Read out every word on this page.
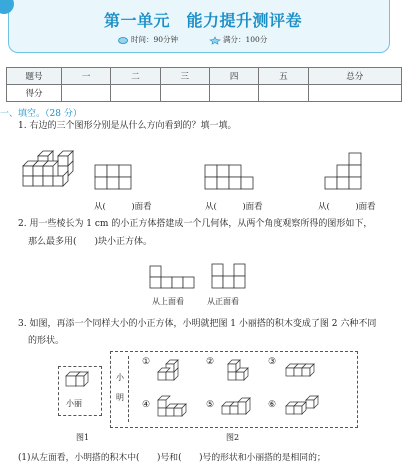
第一单元　能力提升测评卷
时间：90分钟	满分：100分
题号	一	二	三	四	五	总分
得分						
一、填空。（28 分）
1. 右边的三个图形分别是从什么方向看到的？填一填。
从(　　　)面看	从(　　　)面看	从(　　　)面看
2. 用一些棱长为 1 cm 的小正方体搭建成一个几何体，从两个角度观察所得的图形如下，
那么最多用(　　)块小正方体。
从上面看	从正面看
3. 如图，再添一个同样大小的小正方体，小明就把图 1 小丽搭的积木变成了图 2 六种不同
的形状。
小丽
小
明
①	②	③
④	⑤	⑥
图1	图2
(1)从左面看，小明搭的积木中(　　)号和(　　)号的形状和小丽搭的是相同的；
